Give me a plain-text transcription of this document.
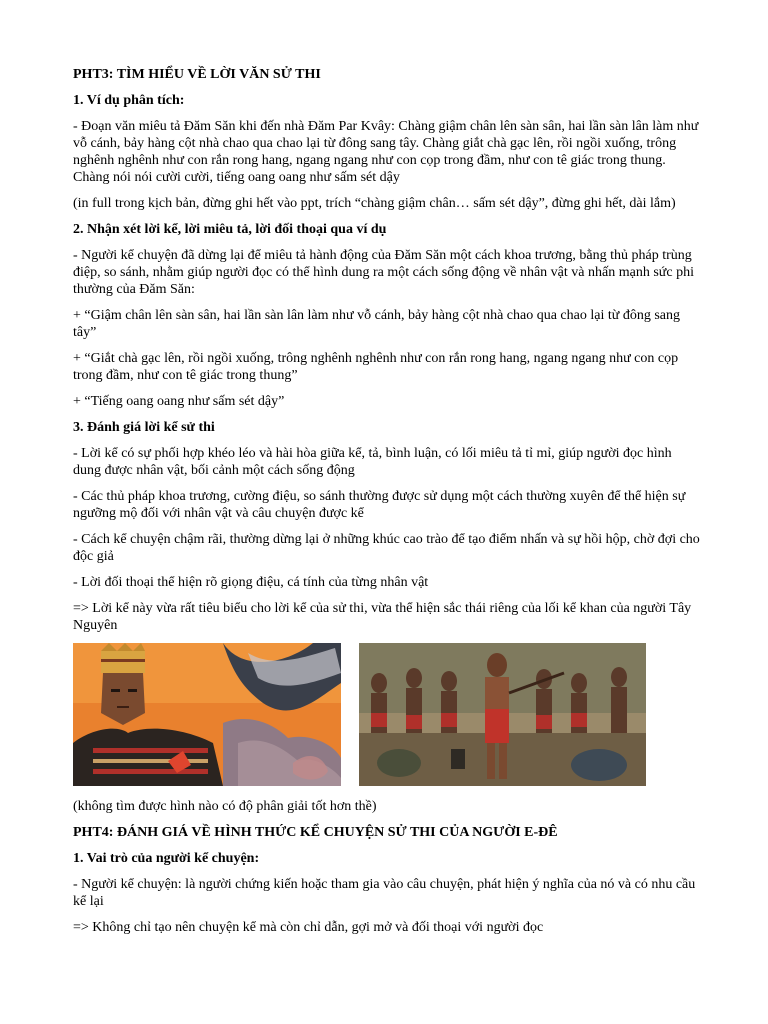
PHT3: TÌM HIỂU VỀ LỜI VĂN SỬ THI

1. Ví dụ phân tích:

- Đoạn văn miêu tả Đăm Săn khi đến nhà Đăm Par Kvây: Chàng giậm chân lên sàn sân, hai lần sàn lân làm như vỗ cánh, bảy hàng cột nhà chao qua chao lại từ đông sang tây. Chàng giắt chà gạc lên, rồi ngồi xuống, trông nghênh nghênh như con rắn rong hang, ngang ngang như con cọp trong đầm, như con tê giác trong thung. Chàng nói nói cười cười, tiếng oang oang như sấm sét dậy

(in full trong kịch bản, đừng ghi hết vào ppt, trích “chàng giậm chân… sấm sét dậy”, đừng ghi hết, dài lắm)

2. Nhận xét lời kể, lời miêu tả, lời đối thoại qua ví dụ

- Người kể chuyện đã dừng lại để miêu tả hành động của Đăm Săn một cách khoa trương, bằng thủ pháp trùng điệp, so sánh, nhằm giúp người đọc có thể hình dung ra một cách sống động về nhân vật và nhấn mạnh sức phi thường của Đăm Săn:

+ “Giậm chân lên sàn sân, hai lần sàn lân làm như vỗ cánh, bảy hàng cột nhà chao qua chao lại từ đông sang tây”

+ “Giắt chà gạc lên, rồi ngồi xuống, trông nghênh nghênh như con rắn rong hang, ngang ngang như con cọp trong đầm, như con tê giác trong thung”

+ “Tiếng oang oang như sấm sét dậy”

3. Đánh giá lời kể sử thi

- Lời kể có sự phối hợp khéo léo và hài hòa giữa kể, tả, bình luận, có lối miêu tả tỉ mỉ, giúp người đọc hình dung được nhân vật, bối cảnh một cách sống động

- Các thủ pháp khoa trương, cường điệu, so sánh thường được sử dụng một cách thường xuyên để thể hiện sự ngưỡng mộ đối với nhân vật và câu chuyện được kể

- Cách kể chuyện chậm rãi, thường dừng lại ở những khúc cao trào để tạo điểm nhấn và sự hồi hộp, chờ đợi cho độc giả

- Lời đối thoại thể hiện rõ giọng điệu, cá tính của từng nhân vật

=> Lời kể này vừa rất tiêu biểu cho lời kể của sử thi, vừa thể hiện sắc thái riêng của lối kể khan của người Tây Nguyên

(không tìm được hình nào có độ phân giải tốt hơn thề)

PHT4: ĐÁNH GIÁ VỀ HÌNH THỨC KỂ CHUYỆN SỬ THI CỦA NGƯỜI E-ĐÊ

1. Vai trò của người kể chuyện:

- Người kể chuyện: là người chứng kiến hoặc tham gia vào câu chuyện, phát hiện ý nghĩa của nó và có nhu cầu kể lại

=> Không chỉ tạo nên chuyện kể mà còn chỉ dẫn, gợi mở và đối thoại với người đọc
